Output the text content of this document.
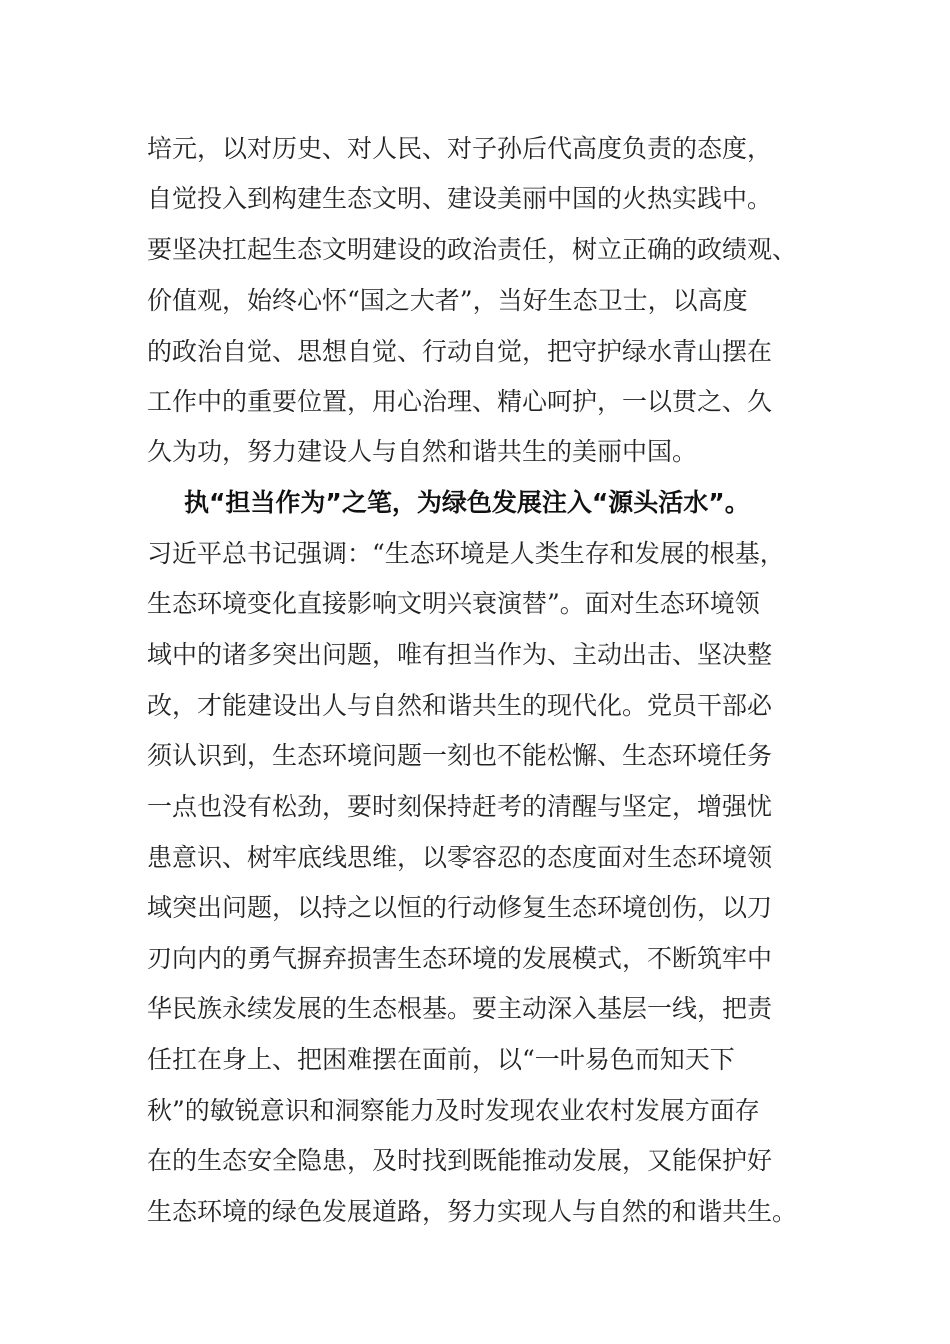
培元，以对历史、对人民、对子孙后代高度负责的态度，
自觉投入到构建生态文明、建设美丽中国的火热实践中。
要坚决扛起生态文明建设的政治责任，树立正确的政绩观、
价值观，始终心怀“国之大者”，当好生态卫士，以高度
的政治自觉、思想自觉、行动自觉，把守护绿水青山摆在
工作中的重要位置，用心治理、精心呵护，一以贯之、久
久为功，努力建设人与自然和谐共生的美丽中国。
执“担当作为”之笔，为绿色发展注入“源头活水”。
习近平总书记强调：“生态环境是人类生存和发展的根基，
生态环境变化直接影响文明兴衰演替”。面对生态环境领
域中的诸多突出问题，唯有担当作为、主动出击、坚决整
改，才能建设出人与自然和谐共生的现代化。党员干部必
须认识到，生态环境问题一刻也不能松懈、生态环境任务
一点也没有松劲，要时刻保持赶考的清醒与坚定，增强忧
患意识、树牢底线思维，以零容忍的态度面对生态环境领
域突出问题，以持之以恒的行动修复生态环境创伤，以刀
刃向内的勇气摒弃损害生态环境的发展模式，不断筑牢中
华民族永续发展的生态根基。要主动深入基层一线，把责
任扛在身上、把困难摆在面前，以“一叶易色而知天下
秋”的敏锐意识和洞察能力及时发现农业农村发展方面存
在的生态安全隐患，及时找到既能推动发展，又能保护好
生态环境的绿色发展道路，努力实现人与自然的和谐共生。
